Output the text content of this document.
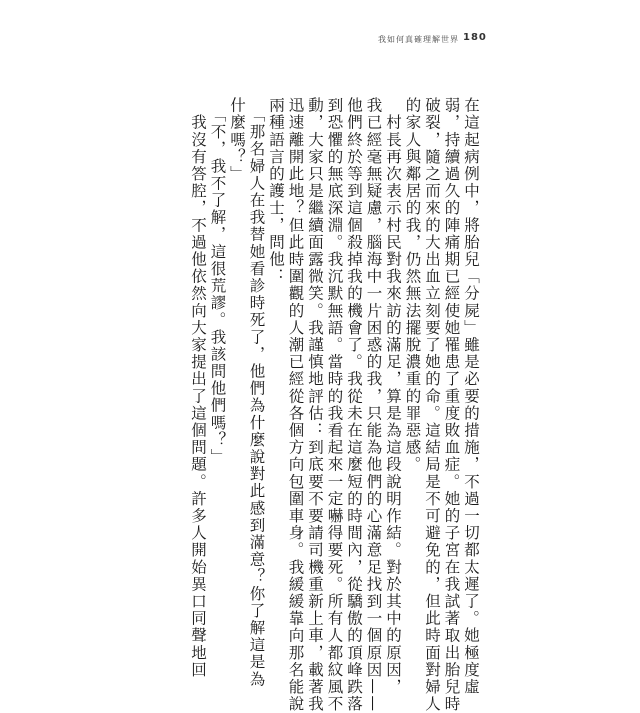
我如何真確理解世界 180

在這起病例中，將胎兒「分屍」雖是必要的措施，不過一切都太遲了。她極度虛

弱，持續過久的陣痛期已經使她罹患了重度敗血症。她的子宮在我試著取出胎兒時

破裂，隨之而來的大出血立刻要了她的命。這結局是不可避免的，但此時面對婦人

的家人與鄰居的我，仍然無法擺脫濃重的罪惡感。

　村長再次表示村民對我來訪的滿足，算是為這段說明作結。對於其中的原因，

我已經毫無疑慮，腦海中一片困惑的我，只能為他們的心滿意足找到一個原因——

他們終於等到這個殺掉我的機會了。我從未在這麼短的時間內，從驕傲的頂峰跌落

到恐懼的無底深淵。我沉默無語。當時的我看起來一定嚇得要死。所有人都紋風不

動，大家只是繼續面露微笑。我謹慎地評估：到底要不要請司機重新上車，載著我

迅速離開此地？但此時圍觀的人潮已經從各個方向包圍車身。我緩緩靠向那名能說

兩種語言的護士，問他：

　「那名婦人在我替她看診時死了，他們為什麼說對此感到滿意？你了解這是為

什麼嗎？」

　「不，我不了解，這很荒謬。我該問他們嗎？」

　我沒有答腔，不過他依然向大家提出了這個問題。許多人開始異口同聲地回
